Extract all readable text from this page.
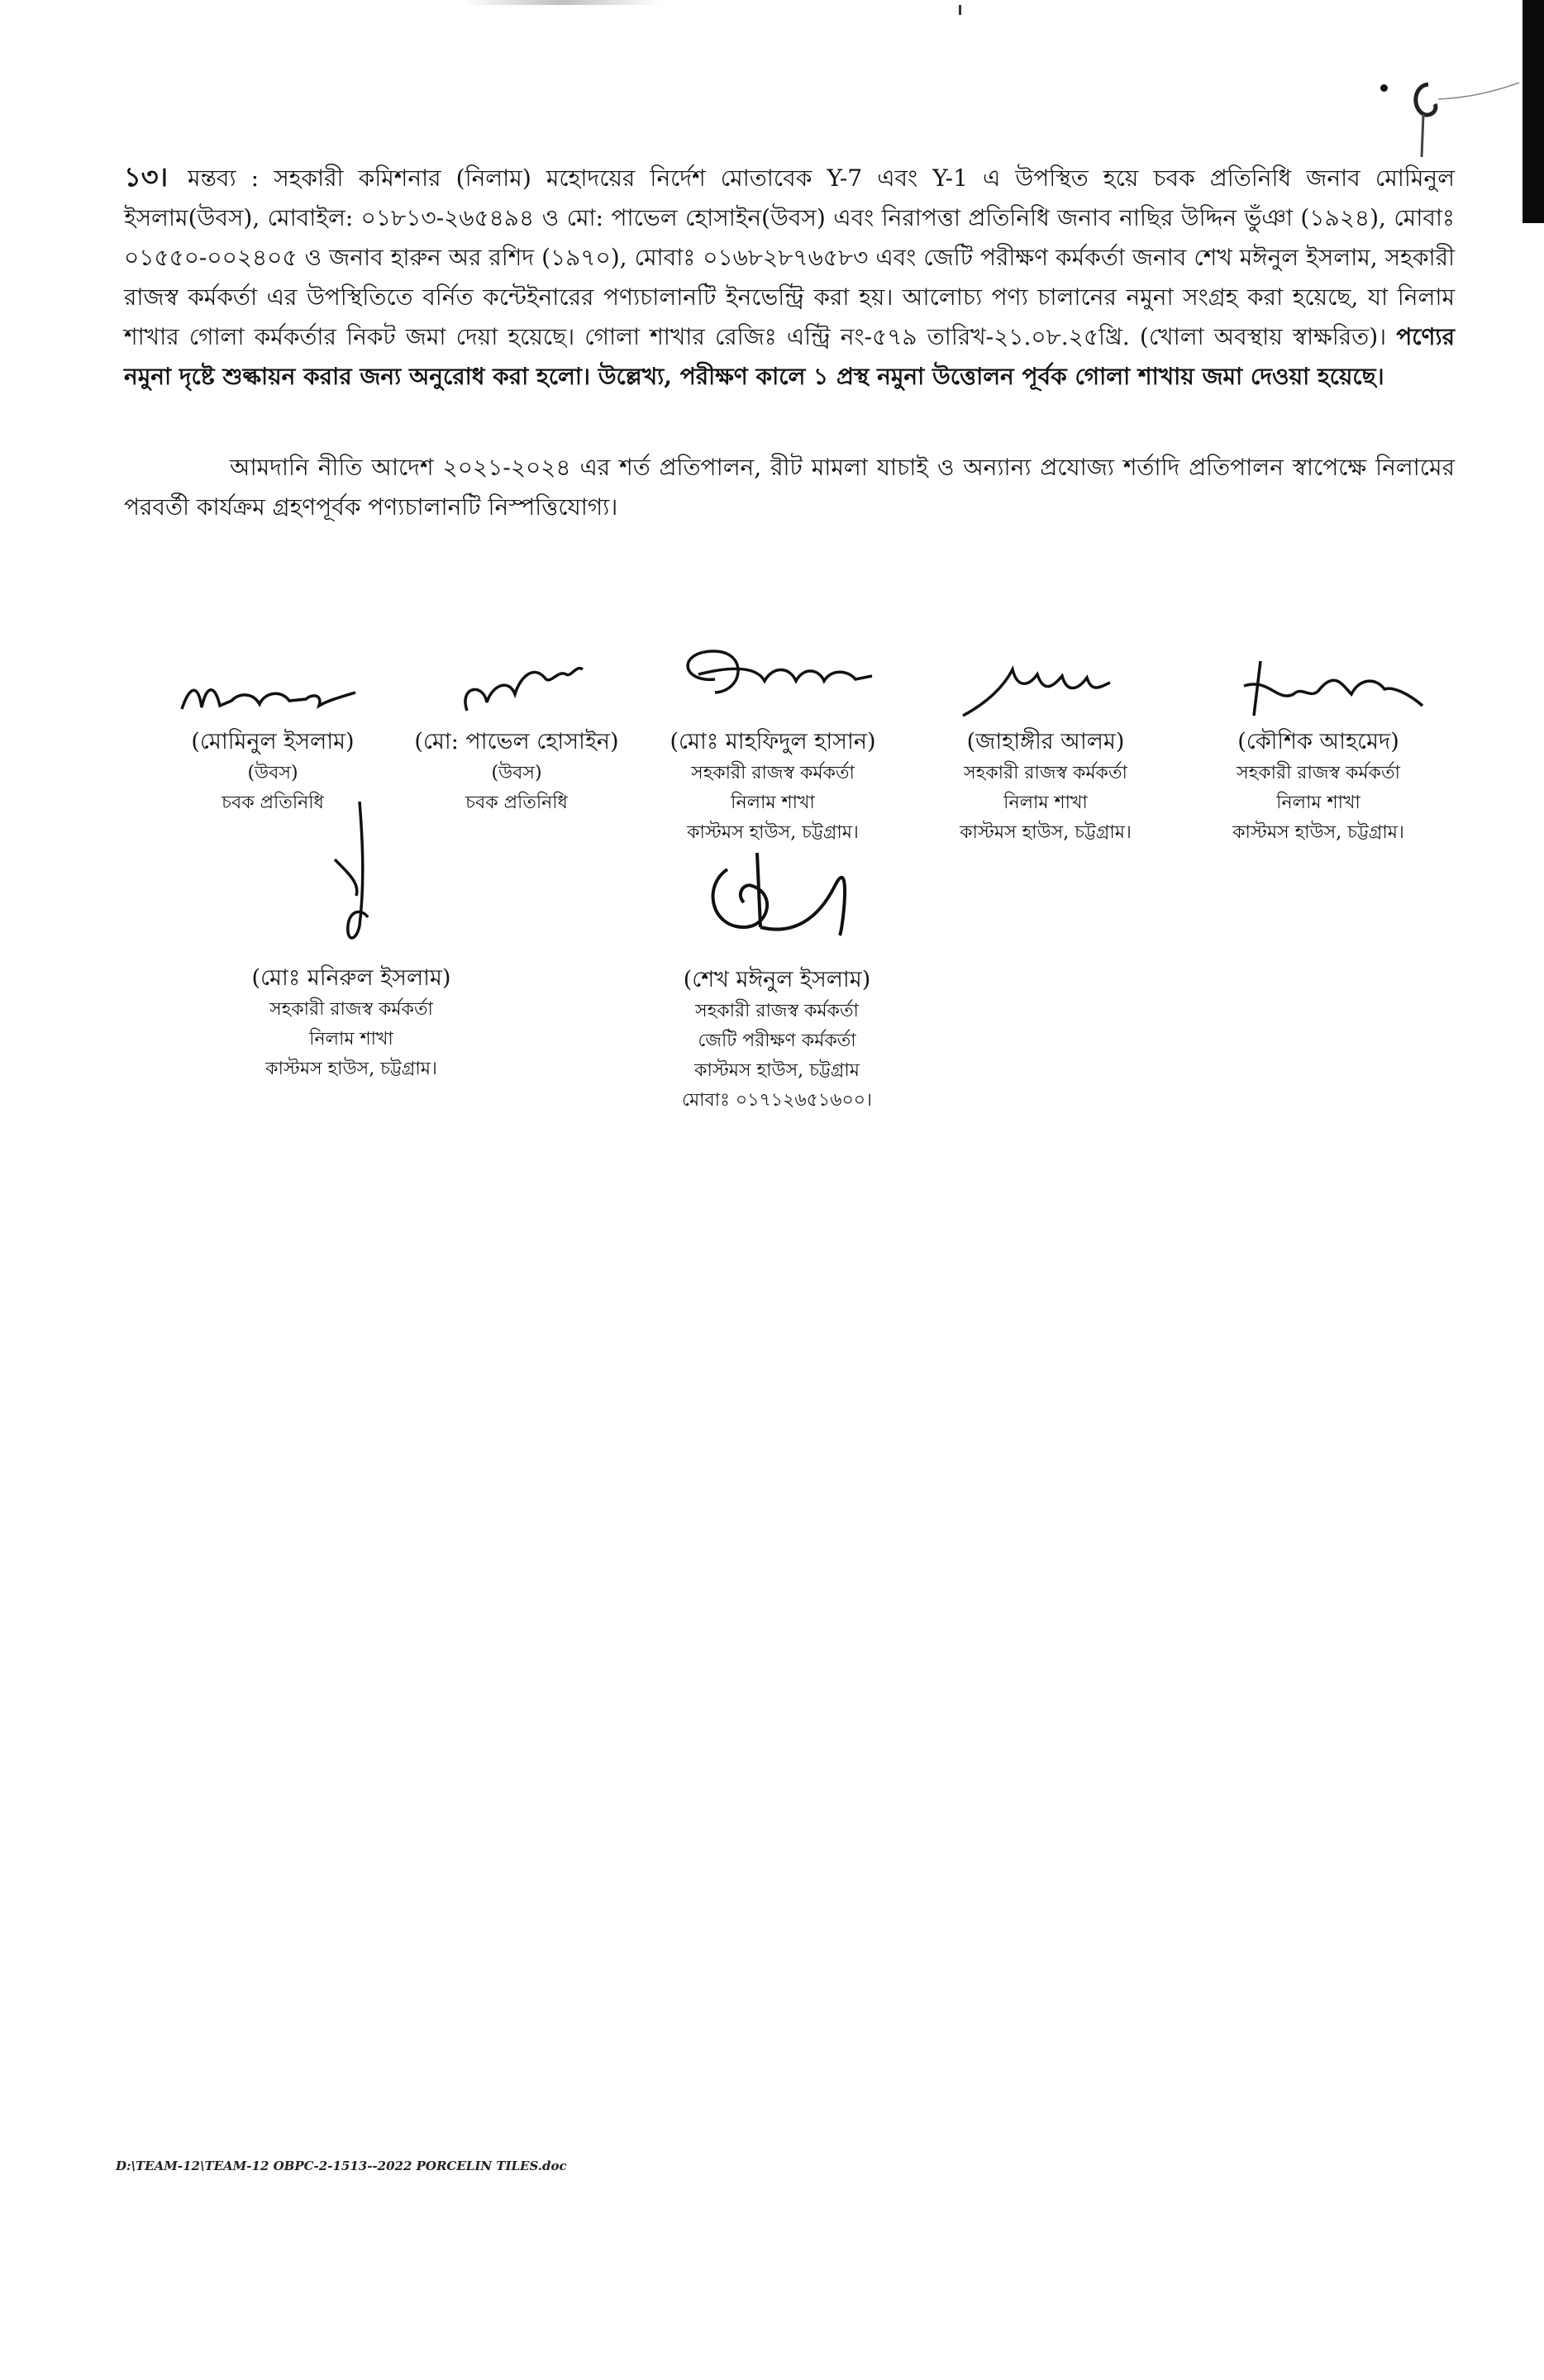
১৩। মন্তব্য : সহকারী কমিশনার (নিলাম) মহোদয়ের নির্দেশ মোতাবেক Y-7 এবং Y-1 এ উপস্থিত হয়ে চবক প্রতিনিধি জনাব মোমিনুল ইসলাম(উবস), মোবাইল: ০১৮১৩-২৬৫৪৯৪ ও মো: পাভেল হোসাইন(উবস) এবং নিরাপত্তা প্রতিনিধি জনাব নাছির উদ্দিন ভুঁঞা (১৯২৪), মোবাঃ ০১৫৫০-০০২৪০৫ ও জনাব হারুন অর রশিদ (১৯৭০), মোবাঃ ০১৬৮২৮৭৬৫৮৩ এবং জেটি পরীক্ষণ কর্মকর্তা জনাব শেখ মঈনুল ইসলাম, সহকারী রাজস্ব কর্মকর্তা এর উপস্থিতিতে বর্নিত কন্টেইনারের পণ্যচালানটি ইনভেন্ট্রি করা হয়। আলোচ্য পণ্য চালানের নমুনা সংগ্রহ করা হয়েছে, যা নিলাম শাখার গোলা কর্মকর্তার নিকট জমা দেয়া হয়েছে। গোলা শাখার রেজিঃ এন্ট্রি নং-৫৭৯ তারিখ-২১.০৮.২৫খ্রি. (খোলা অবস্থায় স্বাক্ষরিত)। পণ্যের নমুনা দৃষ্টে শুল্কায়ন করার জন্য অনুরোধ করা হলো। উল্লেখ্য, পরীক্ষণ কালে ১ প্রস্থ নমুনা উত্তোলন পূর্বক গোলা শাখায় জমা দেওয়া হয়েছে।

আমদানি নীতি আদেশ ২০২১-২০২৪ এর শর্ত প্রতিপালন, রীট মামলা যাচাই ও অন্যান্য প্রযোজ্য শর্তাদি প্রতিপালন স্বাপেক্ষে নিলামের পরবর্তী কার্যক্রম গ্রহণপূর্বক পণ্যচালানটি নিস্পত্তিযোগ্য।

(মোমিনুল ইসলাম)
(উবস)
চবক প্রতিনিধি
(মো: পাভেল হোসাইন)
(উবস)
চবক প্রতিনিধি
(মোঃ মাহফিদুল হাসান)
সহকারী রাজস্ব কর্মকর্তা
নিলাম শাখা
কাস্টমস হাউস, চট্টগ্রাম।
(জাহাঙ্গীর আলম)
সহকারী রাজস্ব কর্মকর্তা
নিলাম শাখা
কাস্টমস হাউস, চট্টগ্রাম।
(কৌশিক আহমেদ)
সহকারী রাজস্ব কর্মকর্তা
নিলাম শাখা
কাস্টমস হাউস, চট্টগ্রাম।
(মোঃ মনিরুল ইসলাম)
সহকারী রাজস্ব কর্মকর্তা
নিলাম শাখা
কাস্টমস হাউস, চট্টগ্রাম।
(শেখ মঈনুল ইসলাম)
সহকারী রাজস্ব কর্মকর্তা
জেটি পরীক্ষণ কর্মকর্তা
কাস্টমস হাউস, চট্টগ্রাম
মোবাঃ ০১৭১২৬৫১৬০০।
D:\TEAM-12\TEAM-12 OBPC-2-1513--2022 PORCELIN TILES.doc
